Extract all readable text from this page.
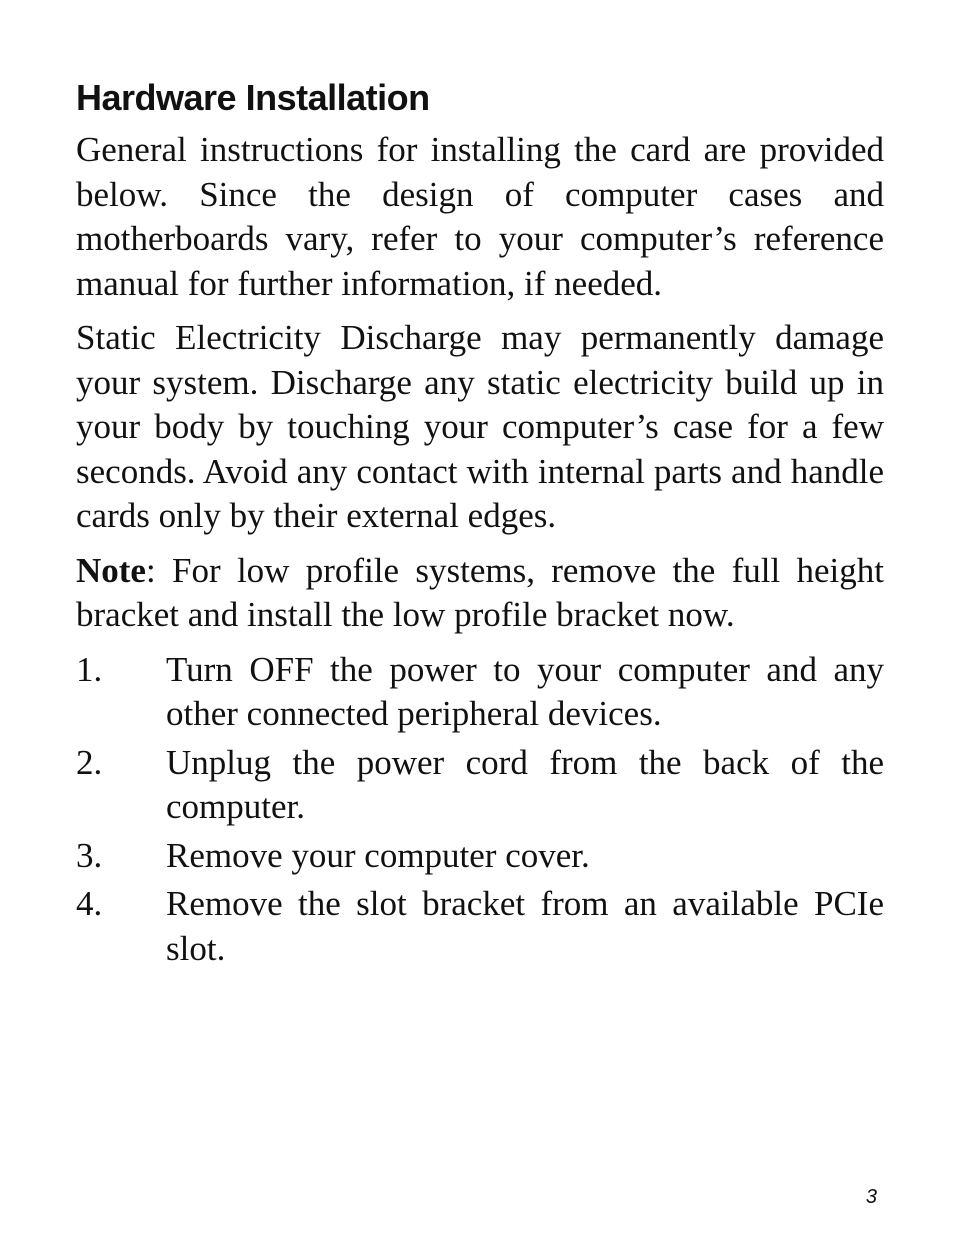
Hardware Installation

General instructions for installing the card are provided below. Since the design of computer cases and motherboards vary, refer to your computer’s reference manual for further information, if needed.

Static Electricity Discharge may permanently damage your system. Discharge any static electricity build up in your body by touching your computer’s case for a few seconds. Avoid any contact with internal parts and handle cards only by their external edges.

Note: For low profile systems, remove the full height bracket and install the low profile bracket now.

1.	Turn OFF the power to your computer and any other connected peripheral devices.
2.	Unplug the power cord from the back of the computer.
3.	Remove your computer cover.
4.	Remove the slot bracket from an available PCIe slot.
3
